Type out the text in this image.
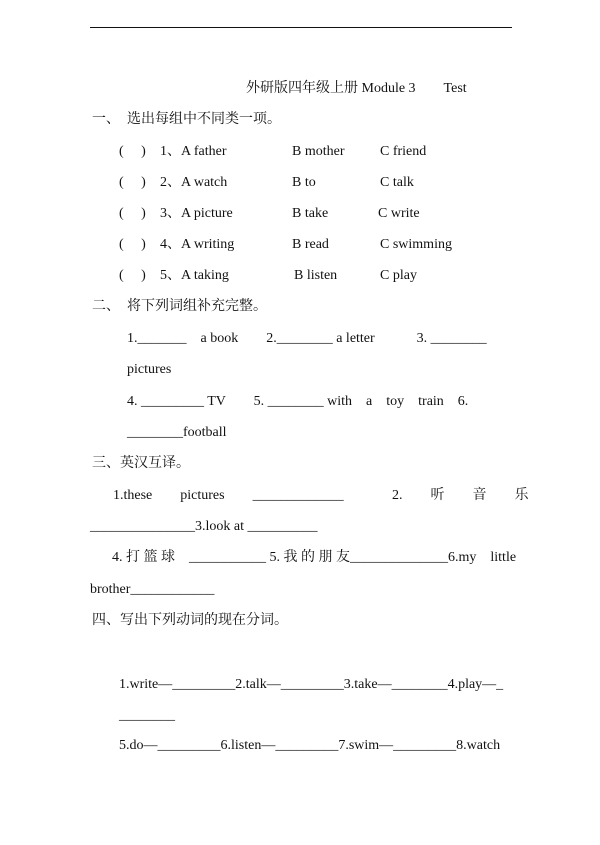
外研版四年级上册 Module 3　　Test
一、　选出每组中不同类一项。
(　 ) 1、A father	B mother	C friend
(　 ) 2、A watch	B to	C talk
(　 ) 3、A picture	B take	C write
(　 ) 4、A writing	B read	C swimming
(　 ) 5、A taking	B listen	C play
二、　将下列词组补充完整。
1._______　a book　　2.________ a letter　　　3. ________
pictures
4. _________ TV　　5. ________ with　a　toy　train　6.
________football
三、英汉互译。
1.these　　pictures　　_____________	2.　　听　　音　　乐
_______________3.look at __________
4. 打 篮 球　___________ 5. 我 的 朋 友______________6.my　little
brother____________
四、写出下列动词的现在分词。
1.write—_________2.talk—_________3.take—________4.play—_
________
5.do—_________6.listen—_________7.swim—_________8.watch
